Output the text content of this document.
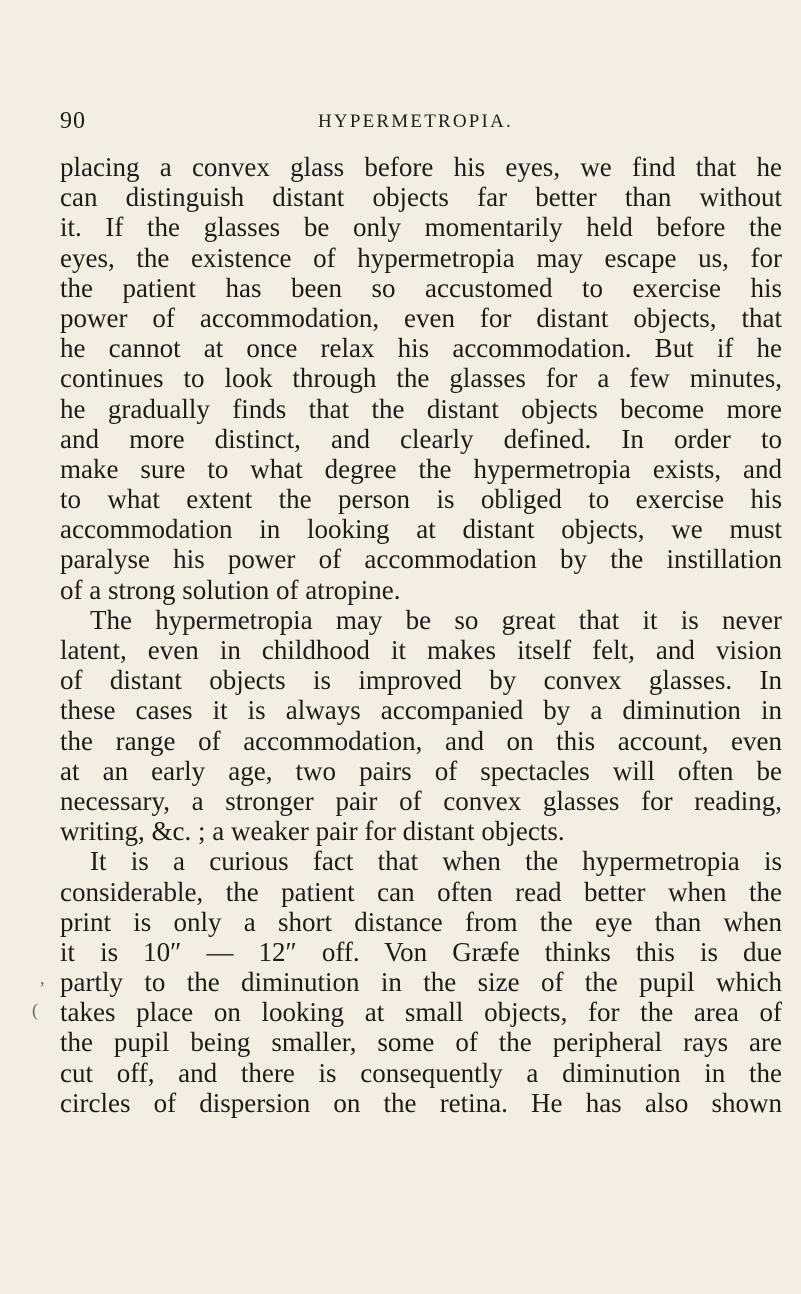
90	HYPERMETROPIA.
placing a convex glass before his eyes, we find that he
can distinguish distant objects far better than without
it. If the glasses be only momentarily held before the
eyes, the existence of hypermetropia may escape us, for
the patient has been so accustomed to exercise his
power of accommodation, even for distant objects, that
he cannot at once relax his accommodation. But if he
continues to look through the glasses for a few minutes,
he gradually finds that the distant objects become more
and more distinct, and clearly defined. In order to
make sure to what degree the hypermetropia exists, and
to what extent the person is obliged to exercise his
accommodation in looking at distant objects, we must
paralyse his power of accommodation by the instillation
of a strong solution of atropine.
The hypermetropia may be so great that it is never
latent, even in childhood it makes itself felt, and vision
of distant objects is improved by convex glasses. In
these cases it is always accompanied by a diminution in
the range of accommodation, and on this account, even
at an early age, two pairs of spectacles will often be
necessary, a stronger pair of convex glasses for reading,
writing, &c. ; a weaker pair for distant objects.
It is a curious fact that when the hypermetropia is
considerable, the patient can often read better when the
print is only a short distance from the eye than when
it is 10″ — 12″ off. Von Græfe thinks this is due
partly to the diminution in the size of the pupil which
takes place on looking at small objects, for the area of
the pupil being smaller, some of the peripheral rays are
cut off, and there is consequently a diminution in the
circles of dispersion on the retina. He has also shown
(
,
